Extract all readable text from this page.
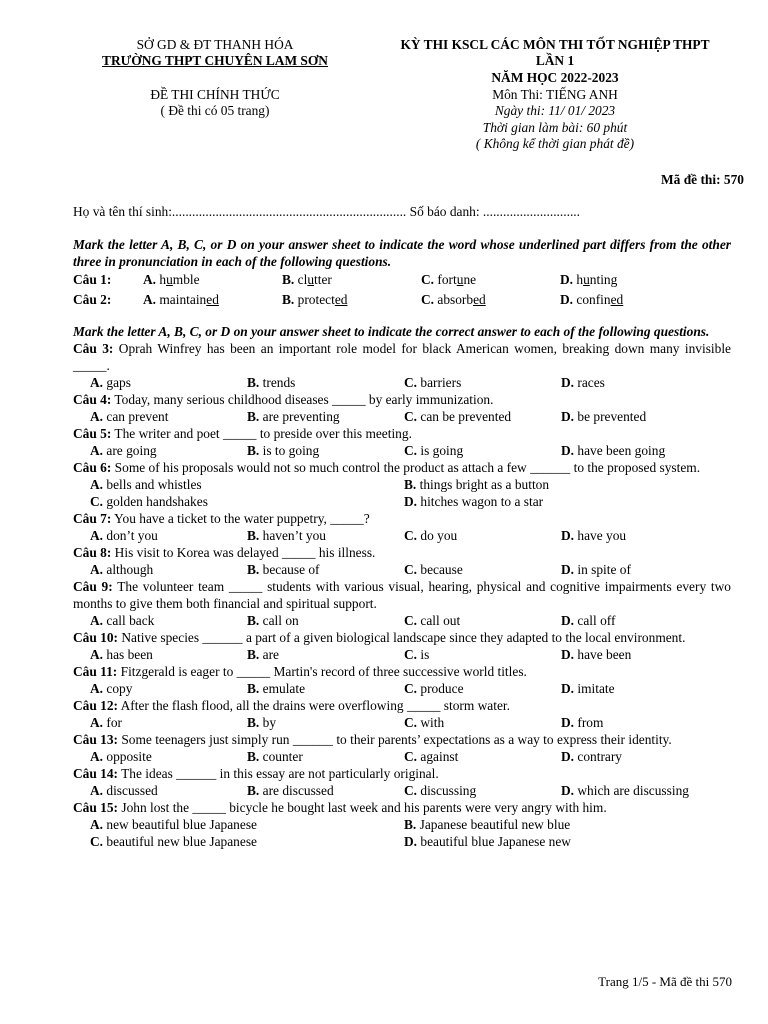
SỞ GD & ĐT THANH HÓA
TRƯỜNG THPT CHUYÊN LAM SƠN
ĐỀ THI CHÍNH THỨC
( Đề thi có 05 trang)
KỲ THI KSCL CÁC MÔN THI TỐT NGHIỆP THPT
LẦN 1
NĂM HỌC 2022-2023
Môn Thi: TIẾNG ANH
Ngày thi: 11/ 01/ 2023
Thời gian làm bài: 60 phút
( Không kể thời gian phát đề)
Mã đề thi: 570
Họ và tên thí sinh:...................................................................... Số báo danh: .............................

Mark the letter A, B, C, or D on your answer sheet to indicate the word whose underlined part differs from the other three in pronunciation in each of the following questions.

Câu 1: A. humble	B. clutter	C. fortune	D. hunting
Câu 2: A. maintained	B. protected	C. absorbed	D. confined

Mark the letter A, B, C, or D on your answer sheet to indicate the correct answer to each of the following questions.

Câu 3: Oprah Winfrey has been an important role model for black American women, breaking down many invisible _____.

A. gaps	B. trends	C. barriers	D. races

Câu 4: Today, many serious childhood diseases _____ by early immunization.

A. can prevent	B. are preventing	C. can be prevented	D. be prevented

Câu 5: The writer and poet _____ to preside over this meeting.

A. are going	B. is to going	C. is going	D. have been going

Câu 6: Some of his proposals would not so much control the product as attach a few ______ to the proposed system.

A. bells and whistles	B. things bright as a button
C. golden handshakes	D. hitches wagon to a star

Câu 7: You have a ticket to the water puppetry, _____?

A. don’t you	B. haven’t you	C. do you	D. have you

Câu 8: His visit to Korea was delayed _____ his illness.

A. although	B. because of	C. because	D. in spite of

Câu 9: The volunteer team _____ students with various visual, hearing, physical and cognitive impairments every two months to give them both financial and spiritual support.

A. call back	B. call on	C. call out	D. call off

Câu 10: Native species ______ a part of a given biological landscape since they adapted to the local environment.

A. has been	B. are	C. is	D. have been

Câu 11: Fitzgerald is eager to _____ Martin's record of three successive world titles.

A. copy	B. emulate	C. produce	D. imitate

Câu 12: After the flash flood, all the drains were overflowing _____ storm water.

A. for	B. by	C. with	D. from

Câu 13: Some teenagers just simply run ______ to their parents’ expectations as a way to express their identity.

A. opposite	B. counter	C. against	D. contrary

Câu 14: The ideas ______ in this essay are not particularly original.

A. discussed	B. are discussed	C. discussing	D. which are discussing

Câu 15: John lost the _____ bicycle he bought last week and his parents were very angry with him.

A. new beautiful blue Japanese	B. Japanese beautiful new blue
C. beautiful new blue Japanese	D. beautiful blue Japanese new
Trang 1/5 - Mã đề thi 570
